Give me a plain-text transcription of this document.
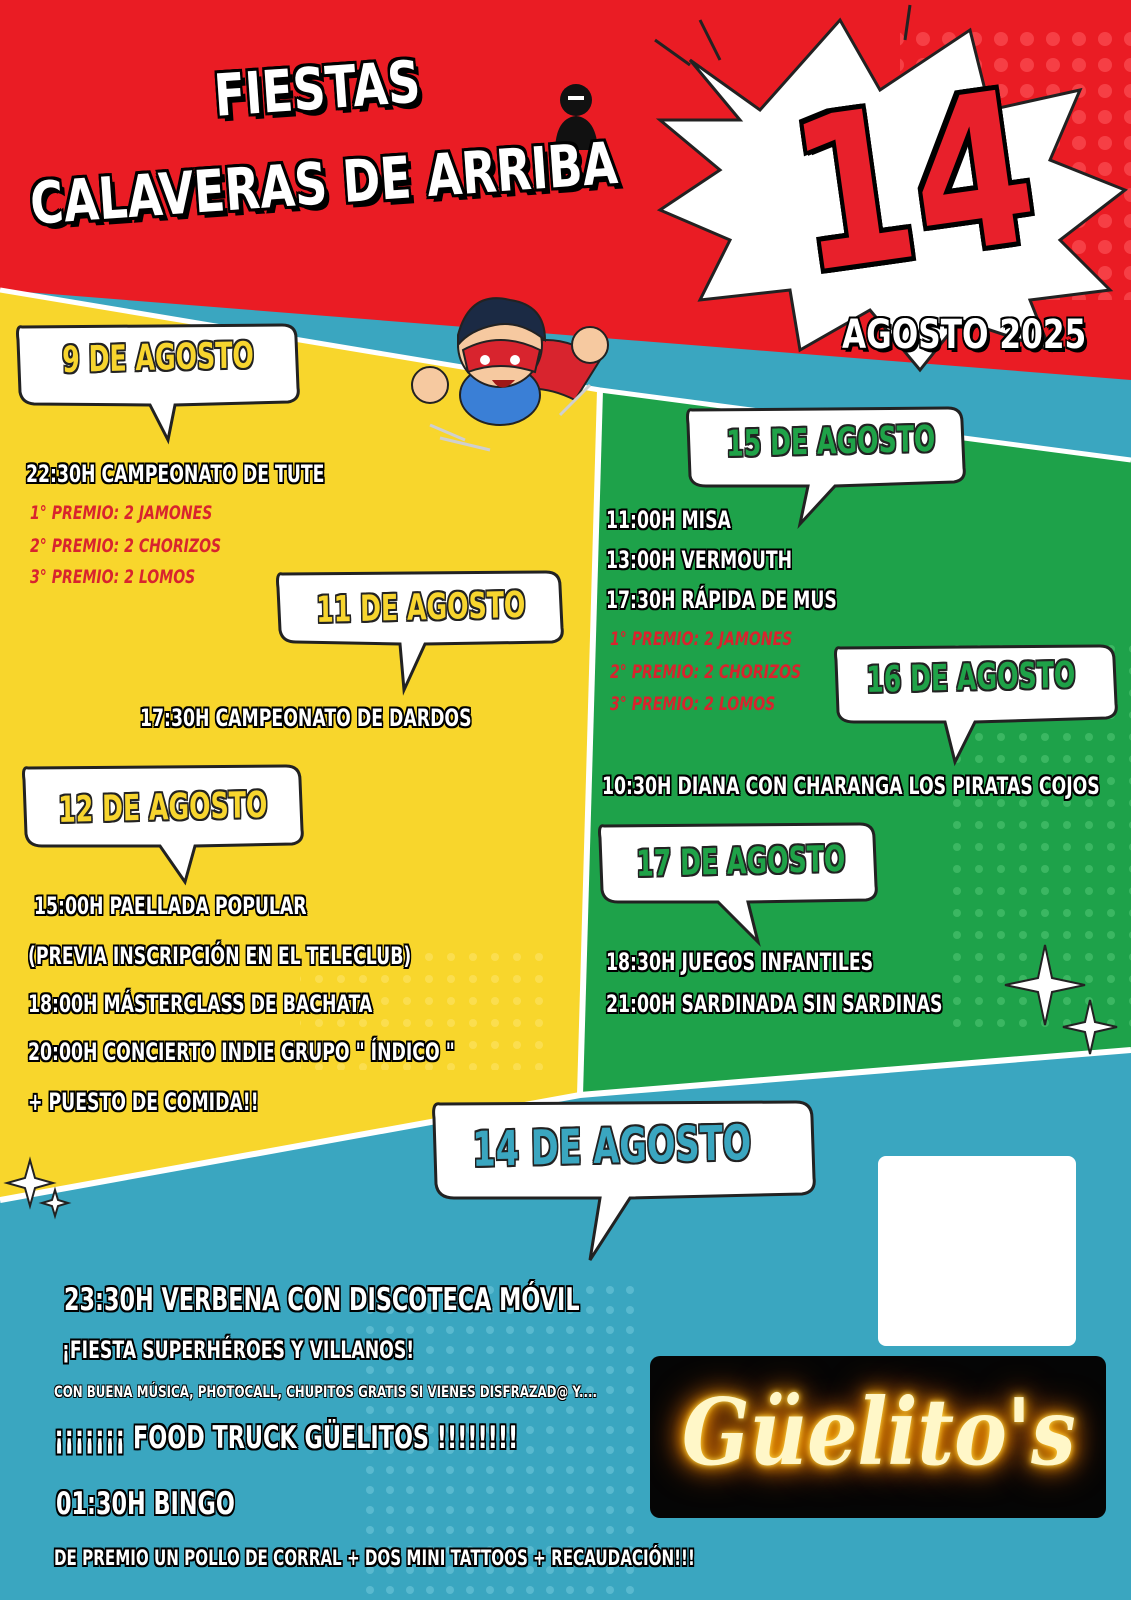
FIESTAS
CALAVERAS DE ARRIBA 14
AGOSTO 2025
9 DE AGOSTO
22:30H CAMPEONATO DE TUTE
1° PREMIO: 2 JAMONES
2° PREMIO: 2 CHORIZOS
3° PREMIO: 2 LOMOS
11 DE AGOSTO
17:30H CAMPEONATO DE DARDOS
12 DE AGOSTO
15:00H PAELLADA POPULAR
(PREVIA INSCRIPCIÓN EN EL TELECLUB)
18:00H MÁSTERCLASS DE BACHATA
20:00H CONCIERTO INDIE GRUPO " ÍNDICO "
+ PUESTO DE COMIDA!!
15 DE AGOSTO
11:00H MISA
13:00H VERMOUTH
17:30H RÁPIDA DE MUS
1° PREMIO: 2 JAMONES
2° PREMIO: 2 CHORIZOS
3° PREMIO: 2 LOMOS
16 DE AGOSTO
10:30H DIANA CON CHARANGA LOS PIRATAS COJOS
17 DE AGOSTO
18:30H JUEGOS INFANTILES
21:00H SARDINADA SIN SARDINAS
14 DE AGOSTO
23:30H VERBENA CON DISCOTECA MÓVIL
¡FIESTA SUPERHÉROES Y VILLANOS!
CON BUENA MÚSICA, PHOTOCALL, CHUPITOS GRATIS SI VIENES DISFRAZAD@ Y....
¡¡¡¡¡¡¡ FOOD TRUCK GÜELITOS !!!!!!!!
01:30H BINGO
DE PREMIO UN POLLO DE CORRAL + DOS MINI TATTOOS + RECAUDACIÓN!!!
Güelito's
BURGER
Güelito's
